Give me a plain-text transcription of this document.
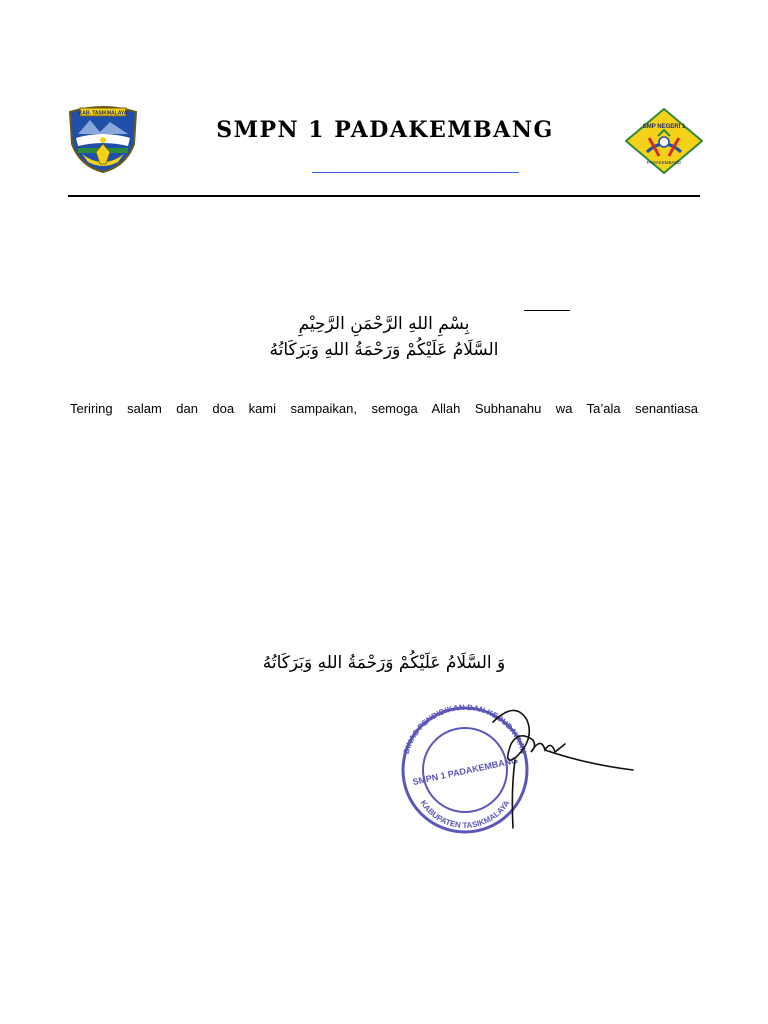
KAB. TASIKMALAYA
SMPN 1 PADAKEMBANG	SMP NEGERI 1
PADAKEMBANG
بِسْمِ اللهِ الرَّحْمَنِ الرَّحِيْمِ
السَّلَامُ عَلَيْكُمْ وَرَحْمَةُ اللهِ وَبَرَكَاتُهُ
Teriring salam dan doa kami sampaikan, semoga Allah Subhanahu wa Ta’ala senantiasa
وَ السَّلَامُ عَلَيْكُمْ وَرَحْمَةُ اللهِ وَبَرَكَاتُهُ
DINAS PENDIDIKAN DAN KEBUDAYAAN
KABUPATEN TASIKMALAYA
SMPN 1 PADAKEMBANG
